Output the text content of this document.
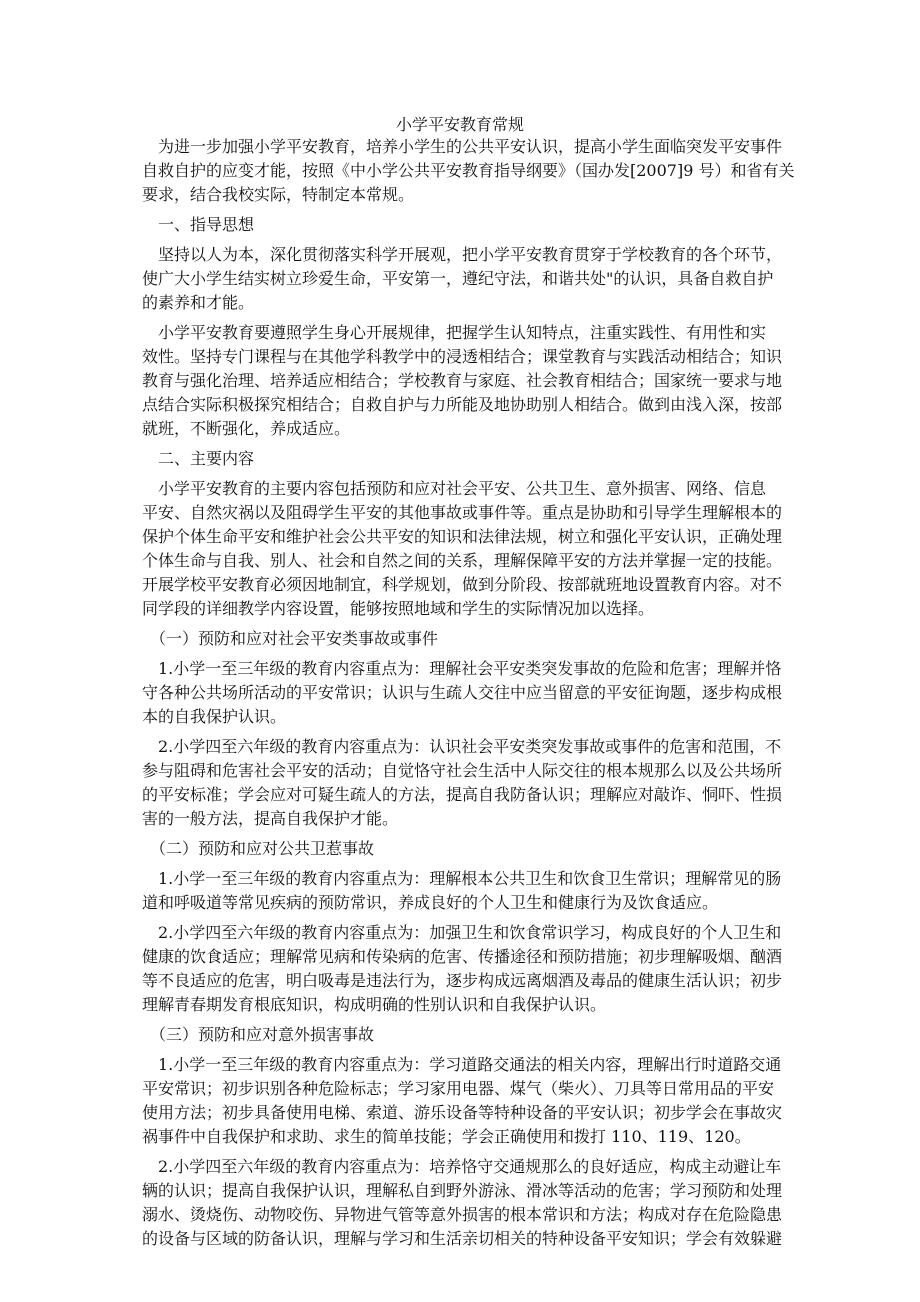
小学平安教育常规
　为进一步加强小学平安教育，培养小学生的公共平安认识，提高小学生面临突发平安事件
自救自护的应变才能，按照《中小学公共平安教育指导纲要》（国办发[2007]9 号）和省有关
要求，结合我校实际，特制定本常规。
　一、指导思想
　坚持以人为本，深化贯彻落实科学开展观，把小学平安教育贯穿于学校教育的各个环节，
使广大小学生结实树立珍爱生命，平安第一，遵纪守法，和谐共处"的认识，具备自救自护
的素养和才能。
　小学平安教育要遵照学生身心开展规律，把握学生认知特点，注重实践性、有用性和实
效性。坚持专门课程与在其他学科教学中的浸透相结合；课堂教育与实践活动相结合；知识
教育与强化治理、培养适应相结合；学校教育与家庭、社会教育相结合；国家统一要求与地
点结合实际积极探究相结合；自救自护与力所能及地协助别人相结合。做到由浅入深，按部
就班，不断强化，养成适应。
　二、主要内容
　小学平安教育的主要内容包括预防和应对社会平安、公共卫生、意外损害、网络、信息
平安、自然灾祸以及阻碍学生平安的其他事故或事件等。重点是协助和引导学生理解根本的
保护个体生命平安和维护社会公共平安的知识和法律法规，树立和强化平安认识，正确处理
个体生命与自我、别人、社会和自然之间的关系，理解保障平安的方法并掌握一定的技能。
开展学校平安教育必须因地制宜，科学规划，做到分阶段、按部就班地设置教育内容。对不
同学段的详细教学内容设置，能够按照地域和学生的实际情况加以选择。
　（一）预防和应对社会平安类事故或事件
　1.小学一至三年级的教育内容重点为：理解社会平安类突发事故的危险和危害；理解并恪
守各种公共场所活动的平安常识；认识与生疏人交往中应当留意的平安征询题，逐步构成根
本的自我保护认识。
　2.小学四至六年级的教育内容重点为：认识社会平安类突发事故或事件的危害和范围，不
参与阻碍和危害社会平安的活动；自觉恪守社会生活中人际交往的根本规那么以及公共场所
的平安标准；学会应对可疑生疏人的方法，提高自我防备认识；理解应对敲诈、恫吓、性损
害的一般方法，提高自我保护才能。
　（二）预防和应对公共卫惹事故
　1.小学一至三年级的教育内容重点为：理解根本公共卫生和饮食卫生常识；理解常见的肠
道和呼吸道等常见疾病的预防常识，养成良好的个人卫生和健康行为及饮食适应。
　2.小学四至六年级的教育内容重点为：加强卫生和饮食常识学习，构成良好的个人卫生和
健康的饮食适应；理解常见病和传染病的危害、传播途径和预防措施；初步理解吸烟、酗酒
等不良适应的危害，明白吸毒是违法行为，逐步构成远离烟酒及毒品的健康生活认识；初步
理解青春期发育根底知识，构成明确的性别认识和自我保护认识。
　（三）预防和应对意外损害事故
　1.小学一至三年级的教育内容重点为：学习道路交通法的相关内容，理解出行时道路交通
平安常识；初步识别各种危险标志；学习家用电器、煤气（柴火）、刀具等日常用品的平安
使用方法；初步具备使用电梯、索道、游乐设备等特种设备的平安认识；初步学会在事故灾
祸事件中自我保护和求助、求生的简单技能；学会正确使用和拨打 110、119、120。
　2.小学四至六年级的教育内容重点为：培养恪守交通规那么的良好适应，构成主动避让车
辆的认识；提高自我保护认识，理解私自到野外游泳、滑冰等活动的危害；学习预防和处理
溺水、烫烧伤、动物咬伤、异物进气管等意外损害的根本常识和方法；构成对存在危险隐患
的设备与区域的防备认识，理解与学习和生活亲切相关的特种设备平安知识；学会有效躲避
